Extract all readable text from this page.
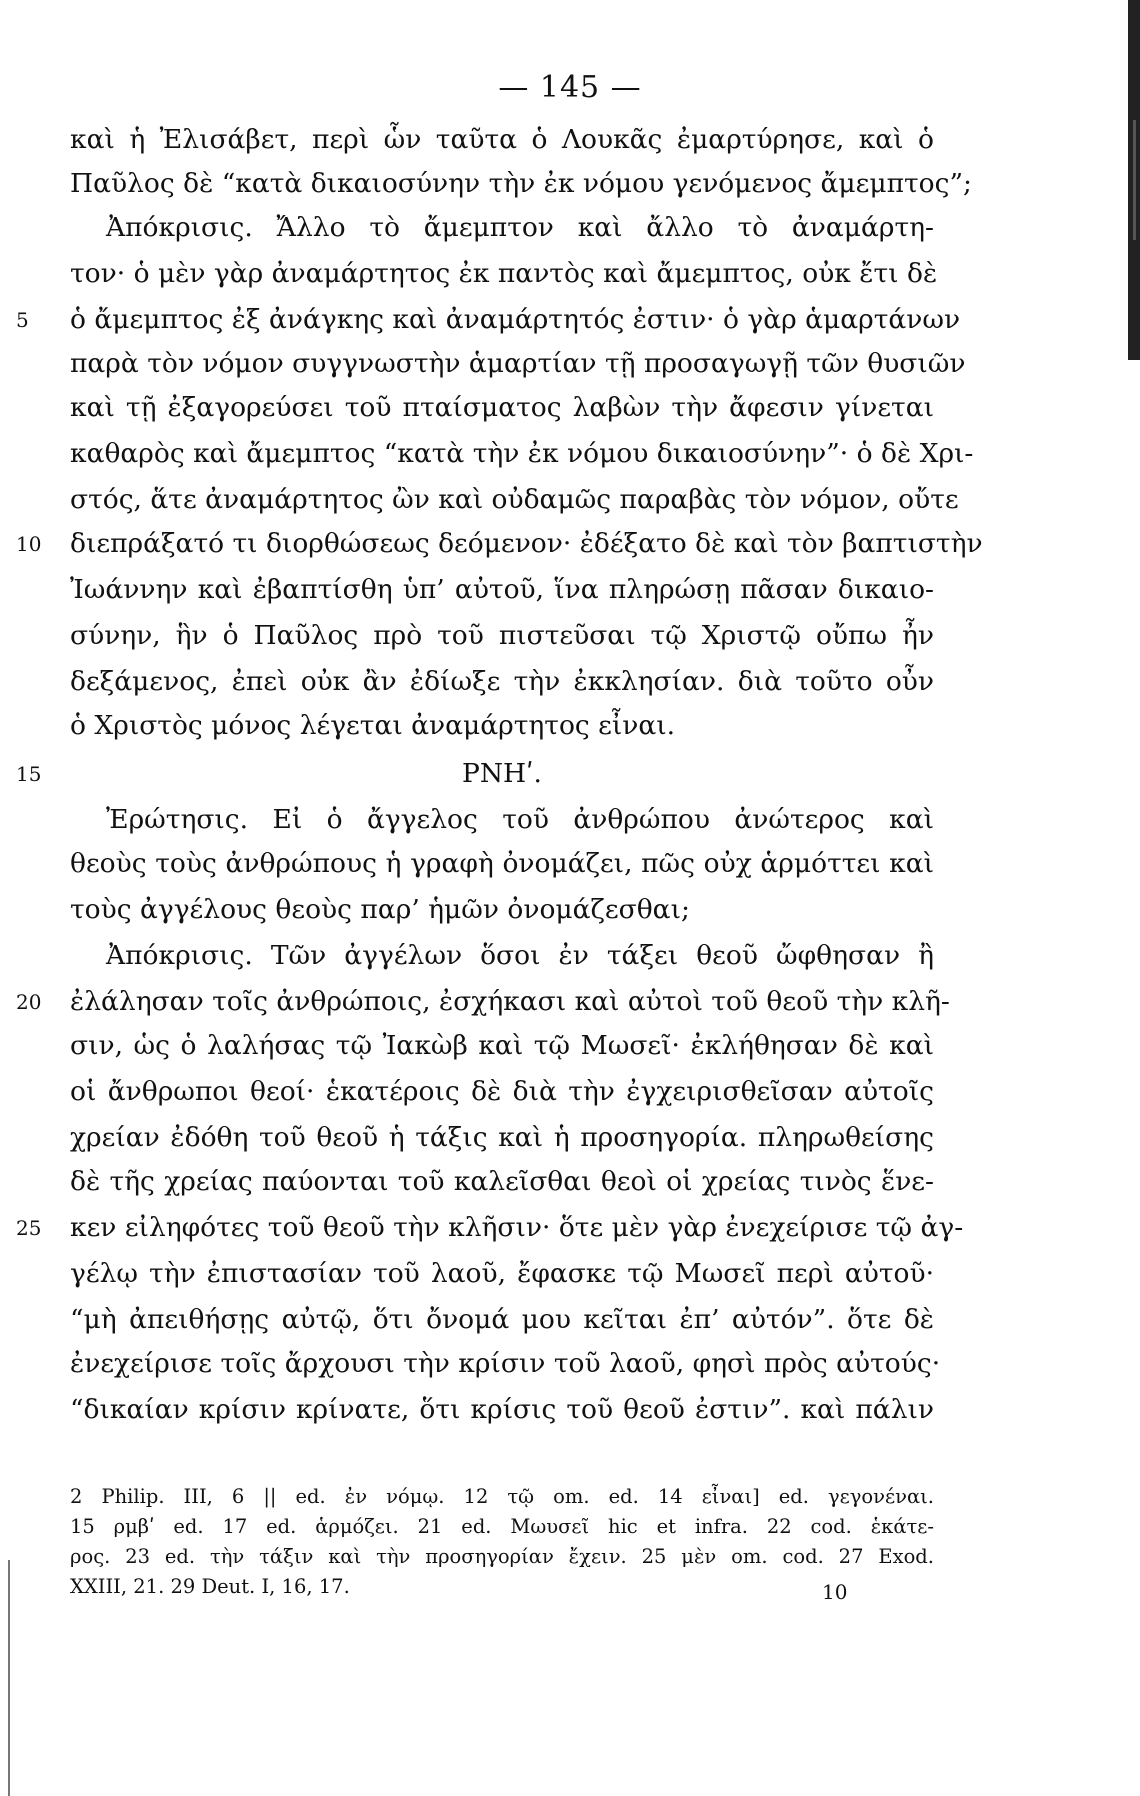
— 145 —
καὶ ἡ Ἐλισάβετ, περὶ ὧν ταῦτα ὁ Λουκᾶς ἐμαρτύρησε, καὶ ὁ
Παῦλος δὲ “κατὰ δικαιοσύνην τὴν ἐκ νόμου γενόμενος ἄμεμπτος”;
Ἀπόκρισις. Ἄλλο τὸ ἄμεμπτον καὶ ἄλλο τὸ ἀναμάρτη-
τον· ὁ μὲν γὰρ ἀναμάρτητος ἐκ παντὸς καὶ ἄμεμπτος, οὐκ ἔτι δὲ
ὁ ἄμεμπτος ἐξ ἀνάγκης καὶ ἀναμάρτητός ἐστιν· ὁ γὰρ ἁμαρτάνων
5
παρὰ τὸν νόμον συγγνωστὴν ἁμαρτίαν τῇ προσαγωγῇ τῶν θυσιῶν
καὶ τῇ ἐξαγορεύσει τοῦ πταίσματος λαβὼν τὴν ἄφεσιν γίνεται
καθαρὸς καὶ ἄμεμπτος “κατὰ τὴν ἐκ νόμου δικαιοσύνην”· ὁ δὲ Χρι-
στός, ἅτε ἀναμάρτητος ὢν καὶ οὐδαμῶς παραβὰς τὸν νόμον, οὔτε
διεπράξατό τι διορθώσεως δεόμενον· ἐδέξατο δὲ καὶ τὸν βαπτιστὴν
10
Ἰωάννην καὶ ἐβαπτίσθη ὑπ’ αὐτοῦ, ἵνα πληρώσῃ πᾶσαν δικαιο-
σύνην, ἣν ὁ Παῦλος πρὸ τοῦ πιστεῦσαι τῷ Χριστῷ οὔπω ἦν
δεξάμενος, ἐπεὶ οὐκ ἂν ἐδίωξε τὴν ἐκκλησίαν. διὰ τοῦτο οὖν
ὁ Χριστὸς μόνος λέγεται ἀναμάρτητος εἶναι.
ΡΝΗʹ.
15
Ἐρώτησις. Εἰ ὁ ἄγγελος τοῦ ἀνθρώπου ἀνώτερος καὶ
θεοὺς τοὺς ἀνθρώπους ἡ γραφὴ ὀνομάζει, πῶς οὐχ ἁρμόττει καὶ
τοὺς ἀγγέλους θεοὺς παρ’ ἡμῶν ὀνομάζεσθαι;
Ἀπόκρισις. Τῶν ἀγγέλων ὅσοι ἐν τάξει θεοῦ ὤφθησαν ἢ
ἐλάλησαν τοῖς ἀνθρώποις, ἐσχήκασι καὶ αὐτοὶ τοῦ θεοῦ τὴν κλῆ-
20
σιν, ὡς ὁ λαλήσας τῷ Ἰακὼβ καὶ τῷ Μωσεῖ· ἐκλήθησαν δὲ καὶ
οἱ ἄνθρωποι θεοί· ἑκατέροις δὲ διὰ τὴν ἐγχειρισθεῖσαν αὐτοῖς
χρείαν ἐδόθη τοῦ θεοῦ ἡ τάξις καὶ ἡ προσηγορία. πληρωθείσης
δὲ τῆς χρείας παύονται τοῦ καλεῖσθαι θεοὶ οἱ χρείας τινὸς ἕνε-
κεν εἰληφότες τοῦ θεοῦ τὴν κλῆσιν· ὅτε μὲν γὰρ ἐνεχείρισε τῷ ἀγ-
25
γέλῳ τὴν ἐπιστασίαν τοῦ λαοῦ, ἔφασκε τῷ Μωσεῖ περὶ αὐτοῦ·
“μὴ ἀπειθήσῃς αὐτῷ, ὅτι ὄνομά μου κεῖται ἐπ’ αὐτόν”. ὅτε δὲ
ἐνεχείρισε τοῖς ἄρχουσι τὴν κρίσιν τοῦ λαοῦ, φησὶ πρὸς αὐτούς·
“δικαίαν κρίσιν κρίνατε, ὅτι κρίσις τοῦ θεοῦ ἐστιν”. καὶ πάλιν
2 Philip. III, 6 || ed. ἐν νόμῳ. 12 τῷ om. ed. 14 εἶναι] ed. γεγονέναι.
15 ρμβʹ ed. 17 ed. ἁρμόζει. 21 ed. Μωυσεῖ hic et infra. 22 cod. ἑκάτε-
ρος. 23 ed. τὴν τάξιν καὶ τὴν προσηγορίαν ἔχειν. 25 μὲν om. cod. 27 Exod.
XXIII, 21. 29 Deut. I, 16, 17.	10
